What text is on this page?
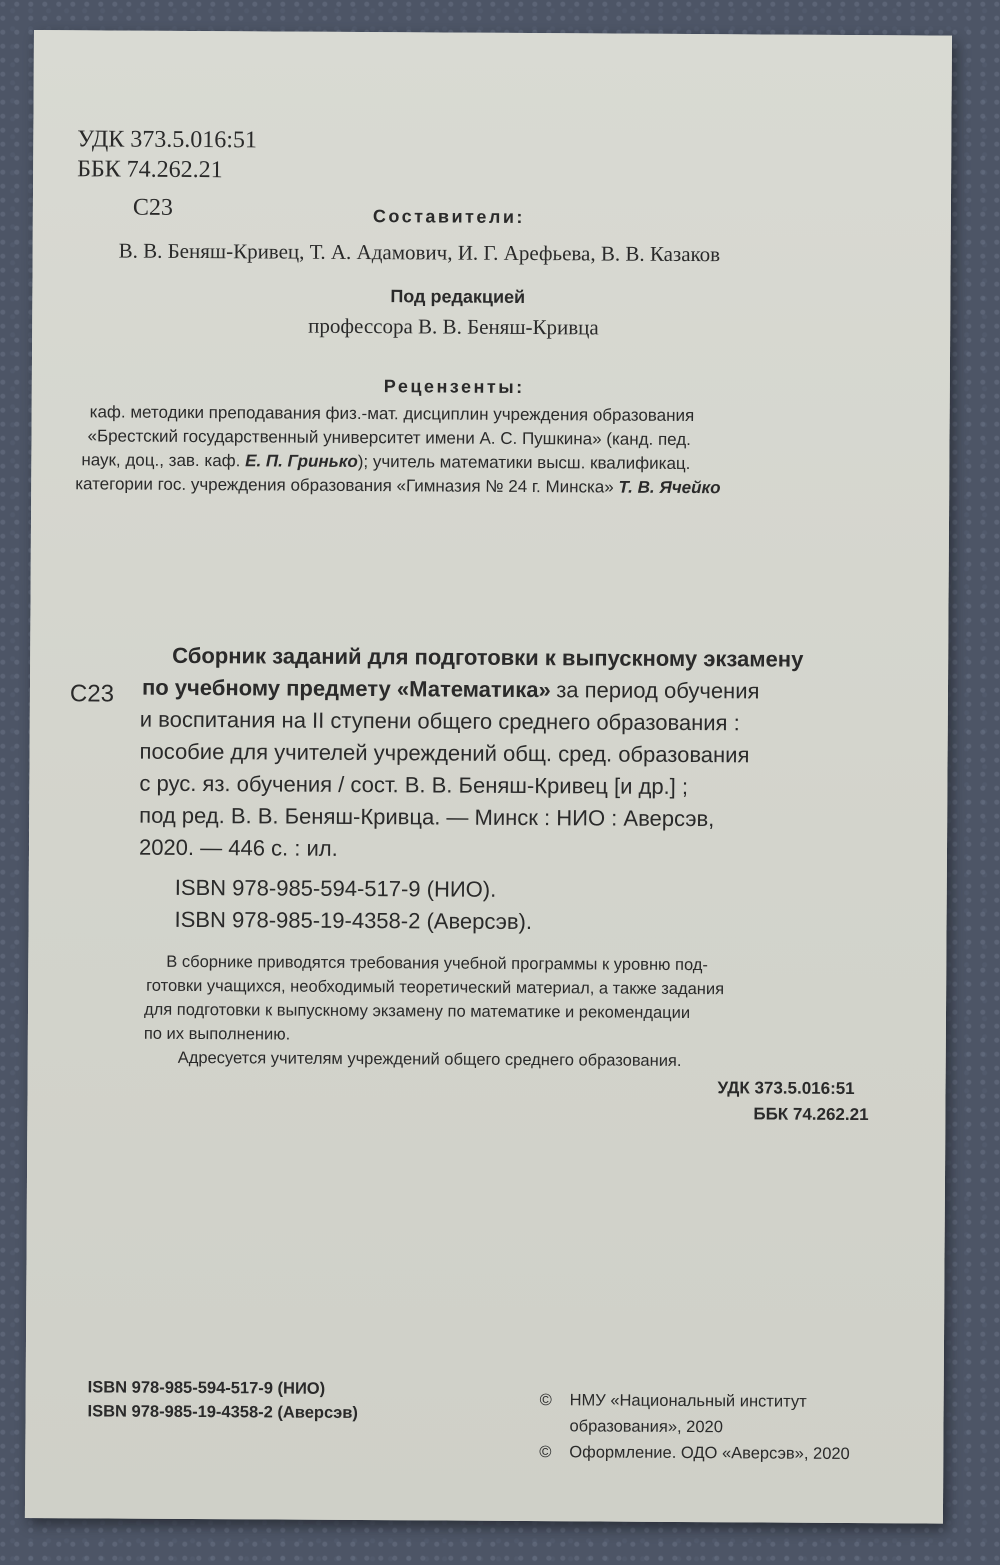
УДК 373.5.016:51
ББК 74.262.21
С23	Составители:
В. В. Беняш-Кривец, Т. А. Адамович, И. Г. Арефьева, В. В. Казаков
Под редакцией
профессора В. В. Беняш-Кривца
Рецензенты:
каф. методики преподавания физ.-мат. дисциплин учреждения образования
«Брестский государственный университет имени А. С. Пушкина» (канд. пед.
наук, доц., зав. каф. Е. П. Гринько); учитель математики высш. квалификац.
категории гос. учреждения образования «Гимназия № 24 г. Минска» Т. В. Ячейко
Сборник заданий для подготовки к выпускному экзамену
С23 по учебному предмету «Математика» за период обучения
и воспитания на II ступени общего среднего образования :
пособие для учителей учреждений общ. сред. образования
с рус. яз. обучения / сост. В. В. Беняш-Кривец [и др.] ;
под ред. В. В. Беняш-Кривца. — Минск : НИО : Аверсэв,
2020. — 446 с. : ил.
ISBN 978-985-594-517-9 (НИО).
ISBN 978-985-19-4358-2 (Аверсэв).
В сборнике приводятся требования учебной программы к уровню под-
готовки учащихся, необходимый теоретический материал, а также задания
для подготовки к выпускному экзамену по математике и рекомендации
по их выполнению.
Адресуется учителям учреждений общего среднего образования.
УДК 373.5.016:51
ББК 74.262.21
ISBN 978-985-594-517-9 (НИО)
ISBN 978-985-19-4358-2 (Аверсэв)
© НМУ «Национальный институт
образования», 2020
© Оформление. ОДО «Аверсэв», 2020
